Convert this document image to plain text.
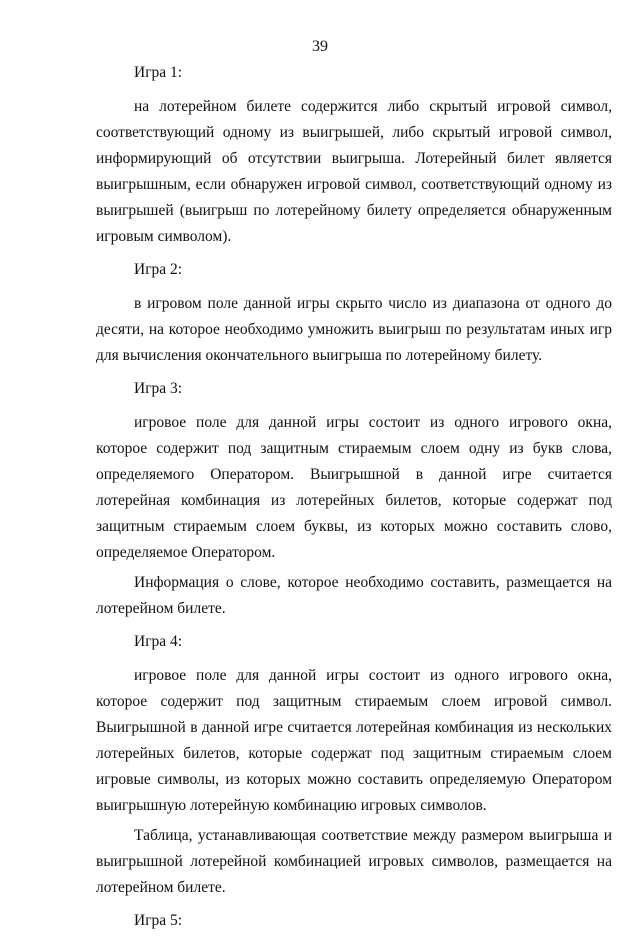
39

Игра 1:

на лотерейном билете содержится либо скрытый игровой символ, соответствующий одному из выигрышей, либо скрытый игровой символ, информирующий об отсутствии выигрыша. Лотерейный билет является выигрышным, если обнаружен игровой символ, соответствующий одному из выигрышей (выигрыш по лотерейному билету определяется обнаруженным игровым символом).

Игра 2:

в игровом поле данной игры скрыто число из диапазона от одного до десяти, на которое необходимо умножить выигрыш по результатам иных игр для вычисления окончательного выигрыша по лотерейному билету.

Игра 3:

игровое поле для данной игры состоит из одного игрового окна, которое содержит под защитным стираемым слоем одну из букв слова, определяемого Оператором. Выигрышной в данной игре считается лотерейная комбинация из лотерейных билетов, которые содержат под защитным стираемым слоем буквы, из которых можно составить слово, определяемое Оператором.

Информация о слове, которое необходимо составить, размещается на лотерейном билете.

Игра 4:

игровое поле для данной игры состоит из одного игрового окна, которое содержит под защитным стираемым слоем игровой символ. Выигрышной в данной игре считается лотерейная комбинация из нескольких лотерейных билетов, которые содержат под защитным стираемым слоем игровые символы, из которых можно составить определяемую Оператором выигрышную лотерейную комбинацию игровых символов.

Таблица, устанавливающая соответствие между размером выигрыша и выигрышной лотерейной комбинацией игровых символов, размещается на лотерейном билете.

Игра 5:
